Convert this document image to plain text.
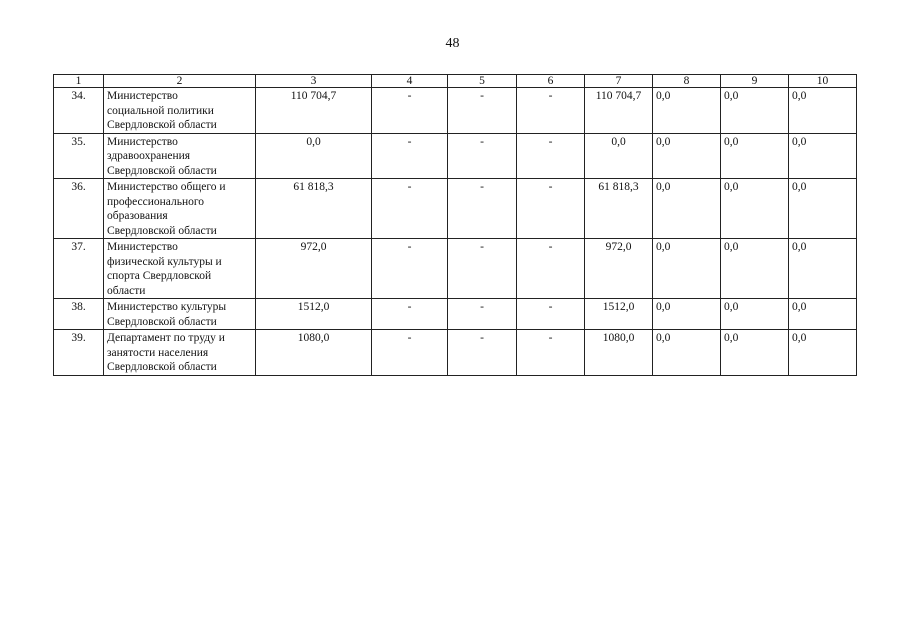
48
1	2	3	4	5	6	7	8	9	10
34.	Министерство
социальной политики
Свердловской области	110 704,7	-	-	-	110 704,7	0,0	0,0	0,0
35.	Министерство
здравоохранения
Свердловской области	0,0	-	-	-	0,0	0,0	0,0	0,0
36.	Министерство общего и
профессионального
образования
Свердловской области	61 818,3	-	-	-	61 818,3	0,0	0,0	0,0
37.	Министерство
физической культуры и
спорта Свердловской
области	972,0	-	-	-	972,0	0,0	0,0	0,0
38.	Министерство культуры
Свердловской области	1512,0	-	-	-	1512,0	0,0	0,0	0,0
39.	Департамент по труду и
занятости населения
Свердловской области	1080,0	-	-	-	1080,0	0,0	0,0	0,0
